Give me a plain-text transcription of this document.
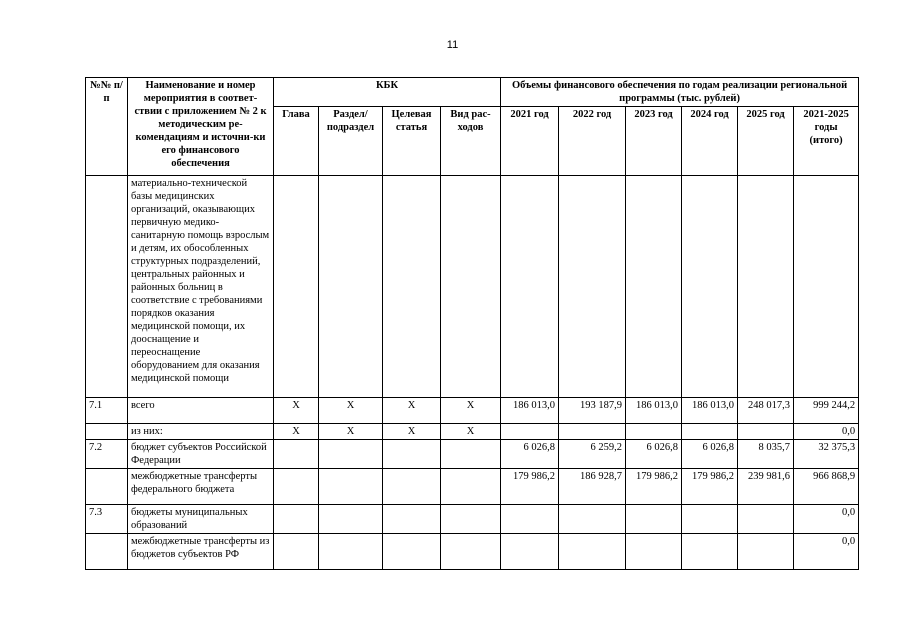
11
№№ п/п	Наименование и номер мероприятия в соответ-ствии с приложением № 2 к методическим ре-комендациям и источни-ки его финансового обеспечения	КБК				Объемы финансового обеспечения по годам реализации региональной программы (тыс. рублей)					
		Глава	Раздел/ подраздел	Целевая статья	Вид рас-ходов	2021 год	2022 год	2023 год	2024 год	2025 год	2021-2025 годы (итого)
	материально-технической базы медицинских организаций, оказывающих первичную медико-санитарную помощь взрослым и детям, их обособленных структурных подразделений, центральных районных и районных больниц в соответствие с требованиями порядков оказания медицинской помощи, их дооснащение и переоснащение оборудованием для оказания медицинской помощи										
7.1	всего	X	X	X	X	186 013,0	193 187,9	186 013,0	186 013,0	248 017,3	999 244,2
	из них:	X	X	X	X						0,0
7.2	бюджет субъектов Российской Федерации					6 026,8	6 259,2	6 026,8	6 026,8	8 035,7	32 375,3
	межбюджетные трансферты федерального бюджета					179 986,2	186 928,7	179 986,2	179 986,2	239 981,6	966 868,9
7.3	бюджеты муниципальных образований										0,0
	межбюджетные трансферты из бюджетов субъектов РФ										0,0
